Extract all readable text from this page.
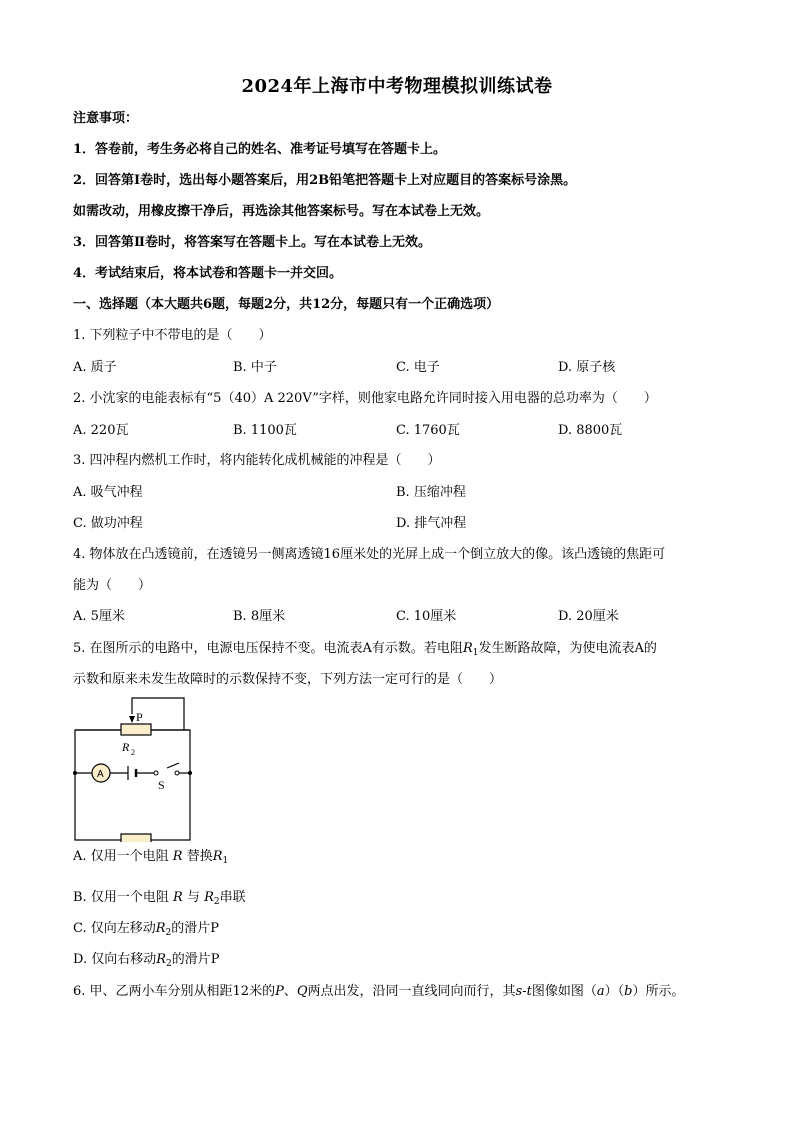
2024年上海市中考物理模拟训练试卷
注意事项：
1．答卷前，考生务必将自己的姓名、准考证号填写在答题卡上。
2．回答第Ⅰ卷时，选出每小题答案后，用2B铅笔把答题卡上对应题目的答案标号涂黑。
如需改动，用橡皮擦干净后，再选涂其他答案标号。写在本试卷上无效。
3．回答第Ⅱ卷时，将答案写在答题卡上。写在本试卷上无效。
4．考试结束后，将本试卷和答题卡一并交回。
一、选择题（本大题共6题，每题2分，共12分，每题只有一个正确选项）
1. 下列粒子中不带电的是（　　）
A. 质子	B. 中子	C. 电子	D. 原子核
2. 小沈家的电能表标有“5（40）A 220V”字样，则他家电路允许同时接入用电器的总功率为（　　）
A. 220瓦	B. 1100瓦	C. 1760瓦	D. 8800瓦
3. 四冲程内燃机工作时，将内能转化成机械能的冲程是（　　）
A. 吸气冲程	B. 压缩冲程
C. 做功冲程	D. 排气冲程
4. 物体放在凸透镜前，在透镜另一侧离透镜16厘米处的光屏上成一个倒立放大的像。该凸透镜的焦距可
能为（　　）
A. 5厘米	B. 8厘米	C. 10厘米	D. 20厘米
5. 在图所示的电路中，电源电压保持不变。电流表A有示数。若电阻$R_1$发生断路故障，为使电流表A的
示数和原来未发生故障时的示数保持不变，下列方法一定可行的是（　　）
P
R 2
A
S
A. 仅用一个电阻 R 替换$R_1$
B. 仅用一个电阻 R 与 $R_2$串联
C. 仅向左移动$R_2$的滑片P
D. 仅向右移动$R_2$的滑片P
6. 甲、乙两小车分别从相距12米的P、Q两点出发，沿同一直线同向而行，其s-t图像如图（a）（b）所示。
